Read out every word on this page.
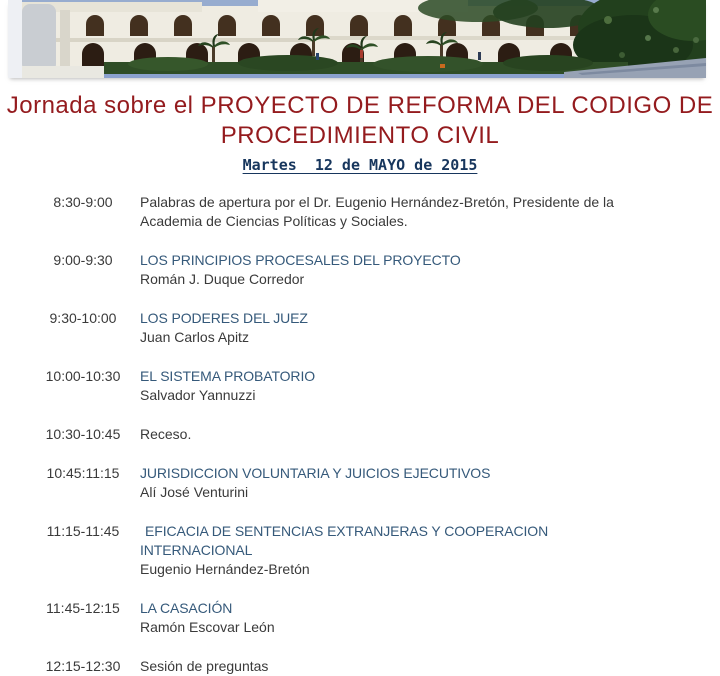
Jornada sobre el PROYECTO DE REFORMA DEL CODIGO DE
PROCEDIMIENTO CIVIL
Martes  12 de MAYO de 2015
8:30-9:00	Palabras de apertura por el Dr. Eugenio Hernández-Bretón, Presidente de la
Academia de Ciencias Políticas y Sociales.
9:00-9:30	LOS PRINCIPIOS PROCESALES DEL PROYECTO
Román J. Duque Corredor
9:30-10:00	LOS PODERES DEL JUEZ
Juan Carlos Apitz
10:00-10:30	EL SISTEMA PROBATORIO
Salvador Yannuzzi
10:30-10:45	Receso.
10:45:11:15	JURISDICCION VOLUNTARIA Y JUICIOS EJECUTIVOS
Alí José Venturini
11:15-11:45	EFICACIA DE SENTENCIAS EXTRANJERAS Y COOPERACION
INTERNACIONAL
Eugenio Hernández-Bretón
11:45-12:15	LA CASACIÓN
Ramón Escovar León
12:15-12:30	Sesión de preguntas
